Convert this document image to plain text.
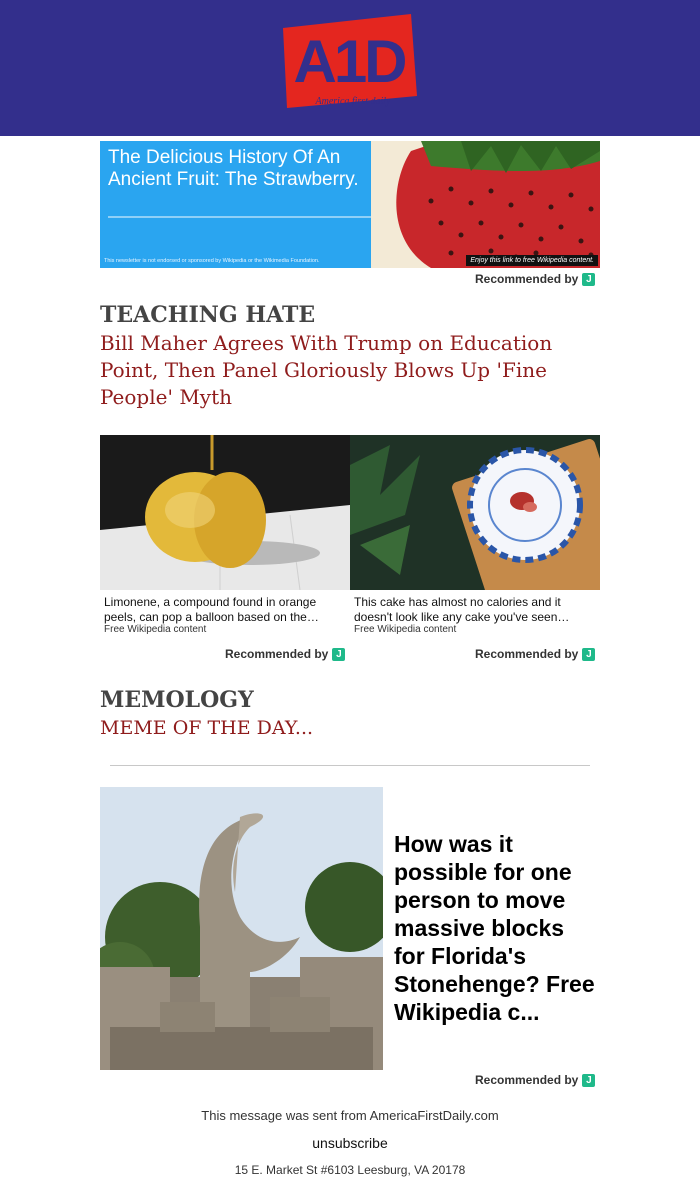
A1D
America first daily
The Delicious History Of An Ancient Fruit: The Strawberry.
This newsletter is not endorsed or sponsored by Wikipedia or the Wikimedia Foundation.	Enjoy this link to free Wikipedia content.
Recommended by J
TEACHING HATE
Bill Maher Agrees With Trump on Education Point, Then Panel Gloriously Blows Up 'Fine People' Myth
Limonene, a compound found in orange peels, can pop a balloon based on the
Free Wikipedia content
Recommended by J
This cake has almost no calories and it doesn't look like any cake you've seen
Free Wikipedia content
Recommended by J
MEMOLOGY
MEME OF THE DAY...
How was it possible for one person to move massive blocks for Florida's Stonehenge? Free Wikipedia c...
Recommended by J
This message was sent from AmericaFirstDaily.com
unsubscribe
15 E. Market St #6103 Leesburg, VA 20178
